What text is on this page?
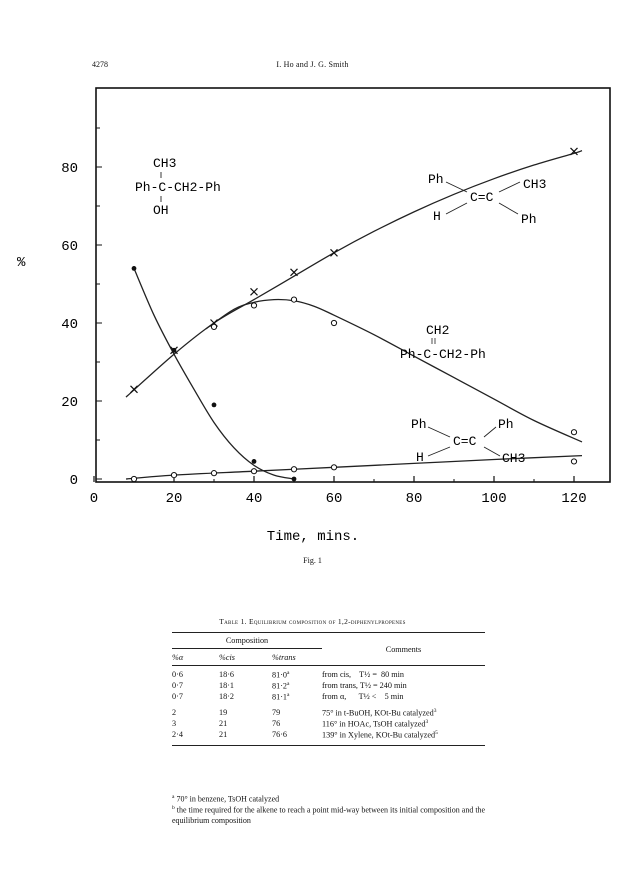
4278	I. Ho and J. G. Smith
0	20	40	60	80	100	120
0
20
40
60
80
%
Time, mins.
CH3
Ph-C-CH2-Ph
OH
Ph	CH3
C=C
H	Ph
CH2
Ph-C-CH2-Ph
Ph	Ph
C=C
H	CH3
Fig. 1
Table 1. Equilibrium composition of 1,2-diphenylpropenes

Composition			Comments
%α	%cis	%trans	

0·6	18·6	$81\cdot 0^a$	from cis,    T½ =  80 min
0·7	18·1	$81\cdot 2^a$	from trans, T½ = 240 min
0·7	18·2	$81\cdot 1^a$	from α,      T½ <    5 min

2	19	79	75° in t-BuOH, KOt-Bu catalyzed$^3$
3	21	76	116° in HOAc, TsOH catalyzed$^3$
2·4	21	76·6	139° in Xylene, KOt-Bu catalyzed$^5$

$^a$ 70° in benzene, TsOH catalyzed
$^b$ the time required for the alkene to reach a point mid-way between its initial composition and the equilibrium composition
